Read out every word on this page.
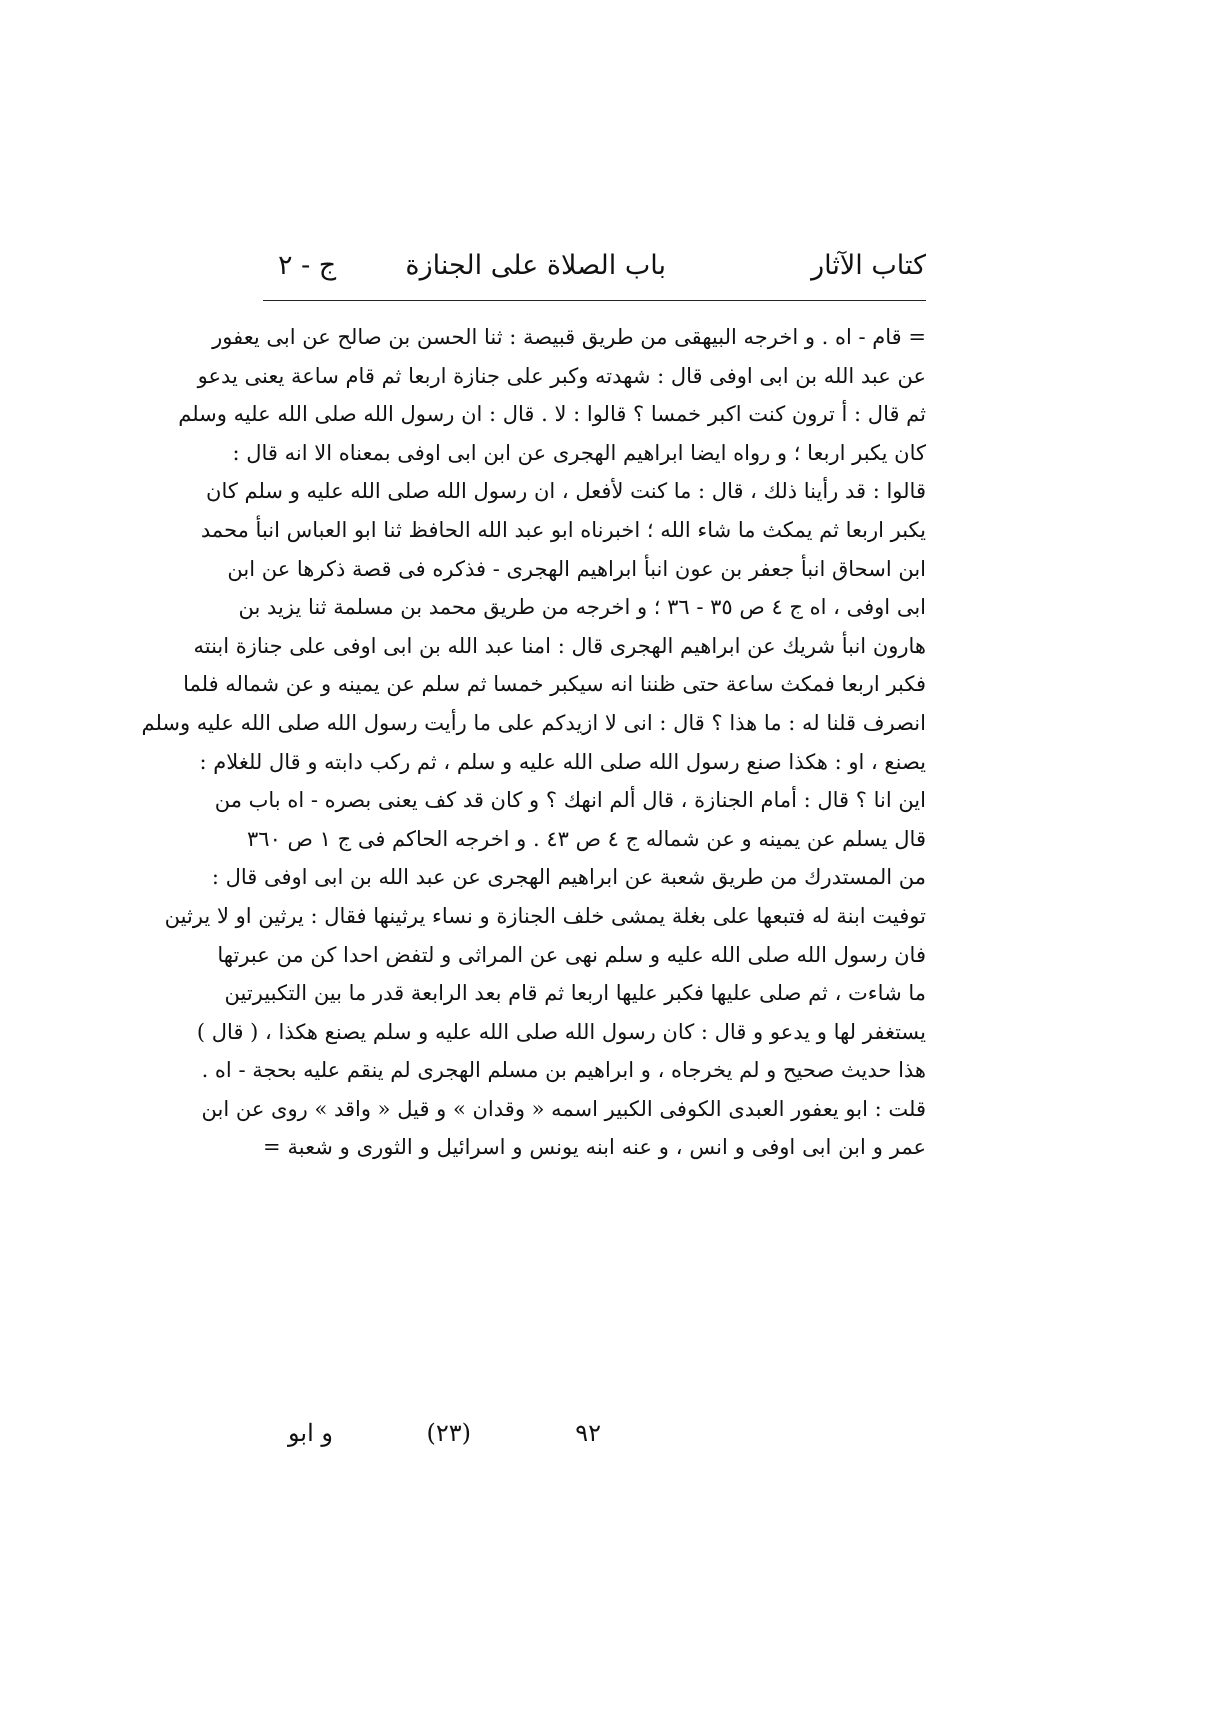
كتاب الآثار
باب الصلاة على الجنازة
ج - ٢
= قام - اه . و اخرجه البيهقى من طريق قبيصة : ثنا الحسن بن صالح عن ابى يعفور
عن عبد الله بن ابى اوفى قال : شهدته وكبر على جنازة اربعا ثم قام ساعة يعنى يدعو
ثم قال : أ ترون كنت اكبر خمسا ؟ قالوا : لا . قال : ان رسول الله صلى الله عليه وسلم
كان يكبر اربعا ؛ و رواه ايضا ابراهيم الهجرى عن ابن ابى اوفى بمعناه الا انه قال :
قالوا : قد رأينا ذلك ، قال : ما كنت لأفعل ، ان رسول الله صلى الله عليه و سلم كان
يكبر اربعا ثم يمكث ما شاء الله ؛ اخبرناه ابو عبد الله الحافظ ثنا ابو العباس انبأ محمد
ابن اسحاق انبأ جعفر بن عون انبأ ابراهيم الهجرى - فذكره فى قصة ذكرها عن ابن
ابى اوفى ، اه ج ٤ ص ٣٥ - ٣٦ ؛ و اخرجه من طريق محمد بن مسلمة ثنا يزيد بن
هارون انبأ شريك عن ابراهيم الهجرى قال : امنا عبد الله بن ابى اوفى على جنازة ابنته
فكبر اربعا فمكث ساعة حتى ظننا انه سيكبر خمسا ثم سلم عن يمينه و عن شماله فلما
انصرف قلنا له : ما هذا ؟ قال : انى لا ازيدكم على ما رأيت رسول الله صلى الله عليه وسلم
يصنع ، او : هكذا صنع رسول الله صلى الله عليه و سلم ، ثم ركب دابته و قال للغلام :
اين انا ؟ قال : أمام الجنازة ، قال ألم انهك ؟ و كان قد كف يعنى بصره - اه باب من
قال يسلم عن يمينه و عن شماله ج ٤ ص ٤٣ . و اخرجه الحاكم فى ج ١ ص ٣٦٠
من المستدرك من طريق شعبة عن ابراهيم الهجرى عن عبد الله بن ابى اوفى قال :
توفيت ابنة له فتبعها على بغلة يمشى خلف الجنازة و نساء يرثينها فقال : يرثين او لا يرثين
فان رسول الله صلى الله عليه و سلم نهى عن المراثى و لتفض احدا كن من عبرتها
ما شاءت ، ثم صلى عليها فكبر عليها اربعا ثم قام بعد الرابعة قدر ما بين التكبيرتين
يستغفر لها و يدعو و قال : كان رسول الله صلى الله عليه و سلم يصنع هكذا ، ( قال )
هذا حديث صحيح و لم يخرجاه ، و ابراهيم بن مسلم الهجرى لم ينقم عليه بحجة - اه .
قلت : ابو يعفور العبدى الكوفى الكبير اسمه « وقدان » و قيل « واقد » روى عن ابن
عمر و ابن ابى اوفى و انس ، و عنه ابنه يونس و اسرائيل و الثورى و شعبة =
٩٢
(٢٣)
و ابو
